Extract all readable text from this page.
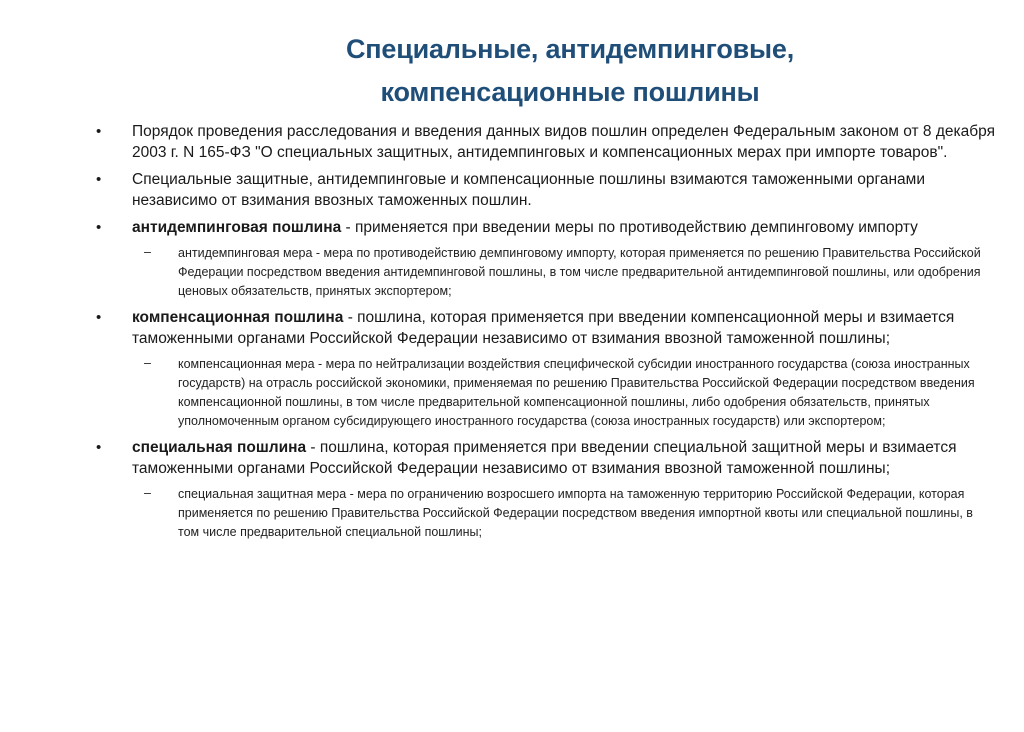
Специальные, антидемпинговые,
компенсационные пошлины
• Порядок проведения расследования и введения данных видов пошлин определен Федеральным законом от 8 декабря 2003 г. N 165-ФЗ "О специальных защитных, антидемпинговых и компенсационных мерах при импорте товаров".
• Специальные защитные, антидемпинговые и компенсационные пошлины взимаются таможенными органами независимо от взимания ввозных таможенных пошлин.
• антидемпинговая пошлина - применяется при введении меры по противодействию демпинговому импорту
– антидемпинговая мера - мера по противодействию демпинговому импорту, которая применяется по решению Правительства Российской Федерации посредством введения антидемпинговой пошлины, в том числе предварительной антидемпинговой пошлины, или одобрения ценовых обязательств, принятых экспортером;
• компенсационная пошлина - пошлина, которая применяется при введении компенсационной меры и взимается таможенными органами Российской Федерации независимо от взимания ввозной таможенной пошлины;
– компенсационная мера - мера по нейтрализации воздействия специфической субсидии иностранного государства (союза иностранных государств) на отрасль российской экономики, применяемая по решению Правительства Российской Федерации посредством введения компенсационной пошлины, в том числе предварительной компенсационной пошлины, либо одобрения обязательств, принятых уполномоченным органом субсидирующего иностранного государства (союза иностранных государств) или экспортером;
• специальная пошлина - пошлина, которая применяется при введении специальной защитной меры и взимается таможенными органами Российской Федерации независимо от взимания ввозной таможенной пошлины;
– специальная защитная мера - мера по ограничению возросшего импорта на таможенную территорию Российской Федерации, которая применяется по решению Правительства Российской Федерации посредством введения импортной квоты или специальной пошлины, в том числе предварительной специальной пошлины;
